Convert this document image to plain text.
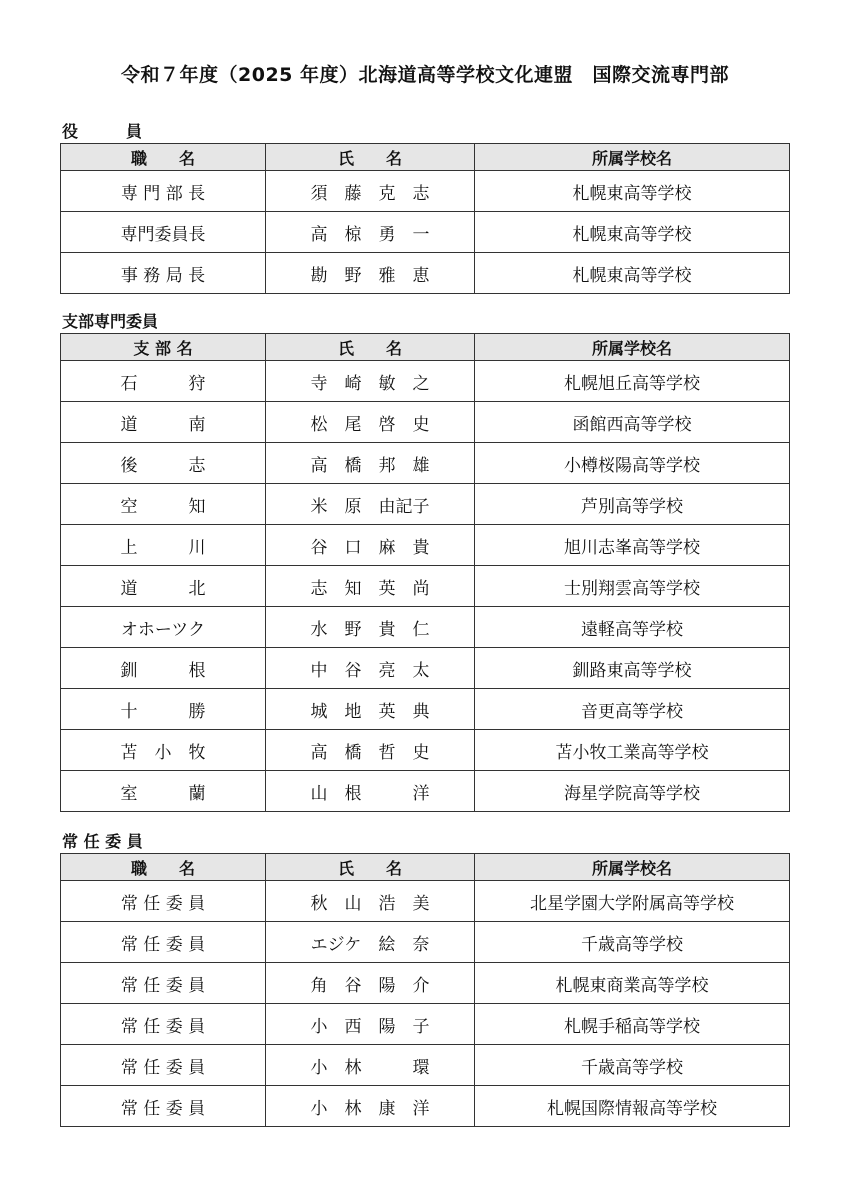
令和７年度（2025 年度）北海道高等学校文化連盟　国際交流専門部
役　　　員
職　　名	氏　　名	所属学校名
専 門 部 長	須　藤　克　志	札幌東高等学校
専門委員長	高　椋　勇　一	札幌東高等学校
事 務 局 長	勘　野　雅　恵	札幌東高等学校
支部専門委員
支 部 名	氏　　名	所属学校名
石　　　狩	寺　崎　敏　之	札幌旭丘高等学校
道　　　南	松　尾　啓　史	函館西高等学校
後　　　志	高　橋　邦　雄	小樽桜陽高等学校
空　　　知	米　原　由記子	芦別高等学校
上　　　川	谷　口　麻　貴	旭川志峯高等学校
道　　　北	志　知　英　尚	士別翔雲高等学校
オホーツク	水　野　貴　仁	遠軽高等学校
釧　　　根	中　谷　亮　太	釧路東高等学校
十　　　勝	城　地　英　典	音更高等学校
苫　小　牧	高　橋　哲　史	苫小牧工業高等学校
室　　　蘭	山　根　　　洋	海星学院高等学校
常 任 委 員
職　　名	氏　　名	所属学校名
常 任 委 員	秋　山　浩　美	北星学園大学附属高等学校
常 任 委 員	エジケ　絵　奈	千歳高等学校
常 任 委 員	角　谷　陽　介	札幌東商業高等学校
常 任 委 員	小　西　陽　子	札幌手稲高等学校
常 任 委 員	小　林　　　環	千歳高等学校
常 任 委 員	小　林　康　洋	札幌国際情報高等学校
